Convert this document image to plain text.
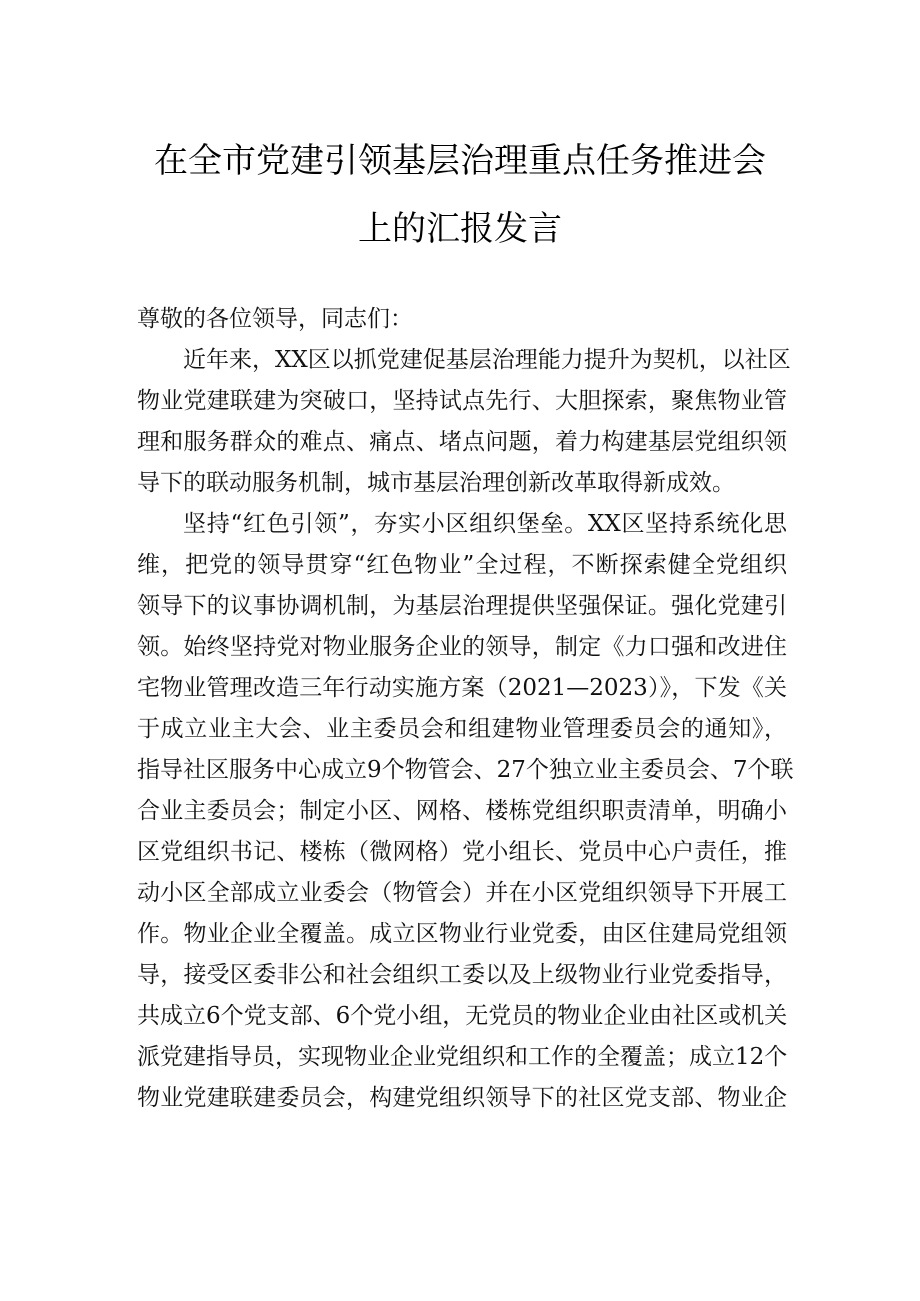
在全市党建引领基层治理重点任务推进会
上的汇报发言
尊敬的各位领导，同志们：
近年来，XX区以抓党建促基层治理能力提升为契机，以社区
物业党建联建为突破口，坚持试点先行、大胆探索，聚焦物业管
理和服务群众的难点、痛点、堵点问题，着力构建基层党组织领
导下的联动服务机制，城市基层治理创新改革取得新成效。
坚持“红色引领”，夯实小区组织堡垒。XX区坚持系统化思
维，把党的领导贯穿“红色物业”全过程，不断探索健全党组织
领导下的议事协调机制，为基层治理提供坚强保证。强化党建引
领。始终坚持党对物业服务企业的领导，制定《力口强和改进住
宅物业管理改造三年行动实施方案（2021—2023）》，下发《关
于成立业主大会、业主委员会和组建物业管理委员会的通知》，
指导社区服务中心成立9个物管会、27个独立业主委员会、7个联
合业主委员会；制定小区、网格、楼栋党组织职责清单，明确小
区党组织书记、楼栋（微网格）党小组长、党员中心户责任，推
动小区全部成立业委会（物管会）并在小区党组织领导下开展工
作。物业企业全覆盖。成立区物业行业党委，由区住建局党组领
导，接受区委非公和社会组织工委以及上级物业行业党委指导，
共成立6个党支部、6个党小组，无党员的物业企业由社区或机关
派党建指导员，实现物业企业党组织和工作的全覆盖；成立12个
物业党建联建委员会，构建党组织领导下的社区党支部、物业企
